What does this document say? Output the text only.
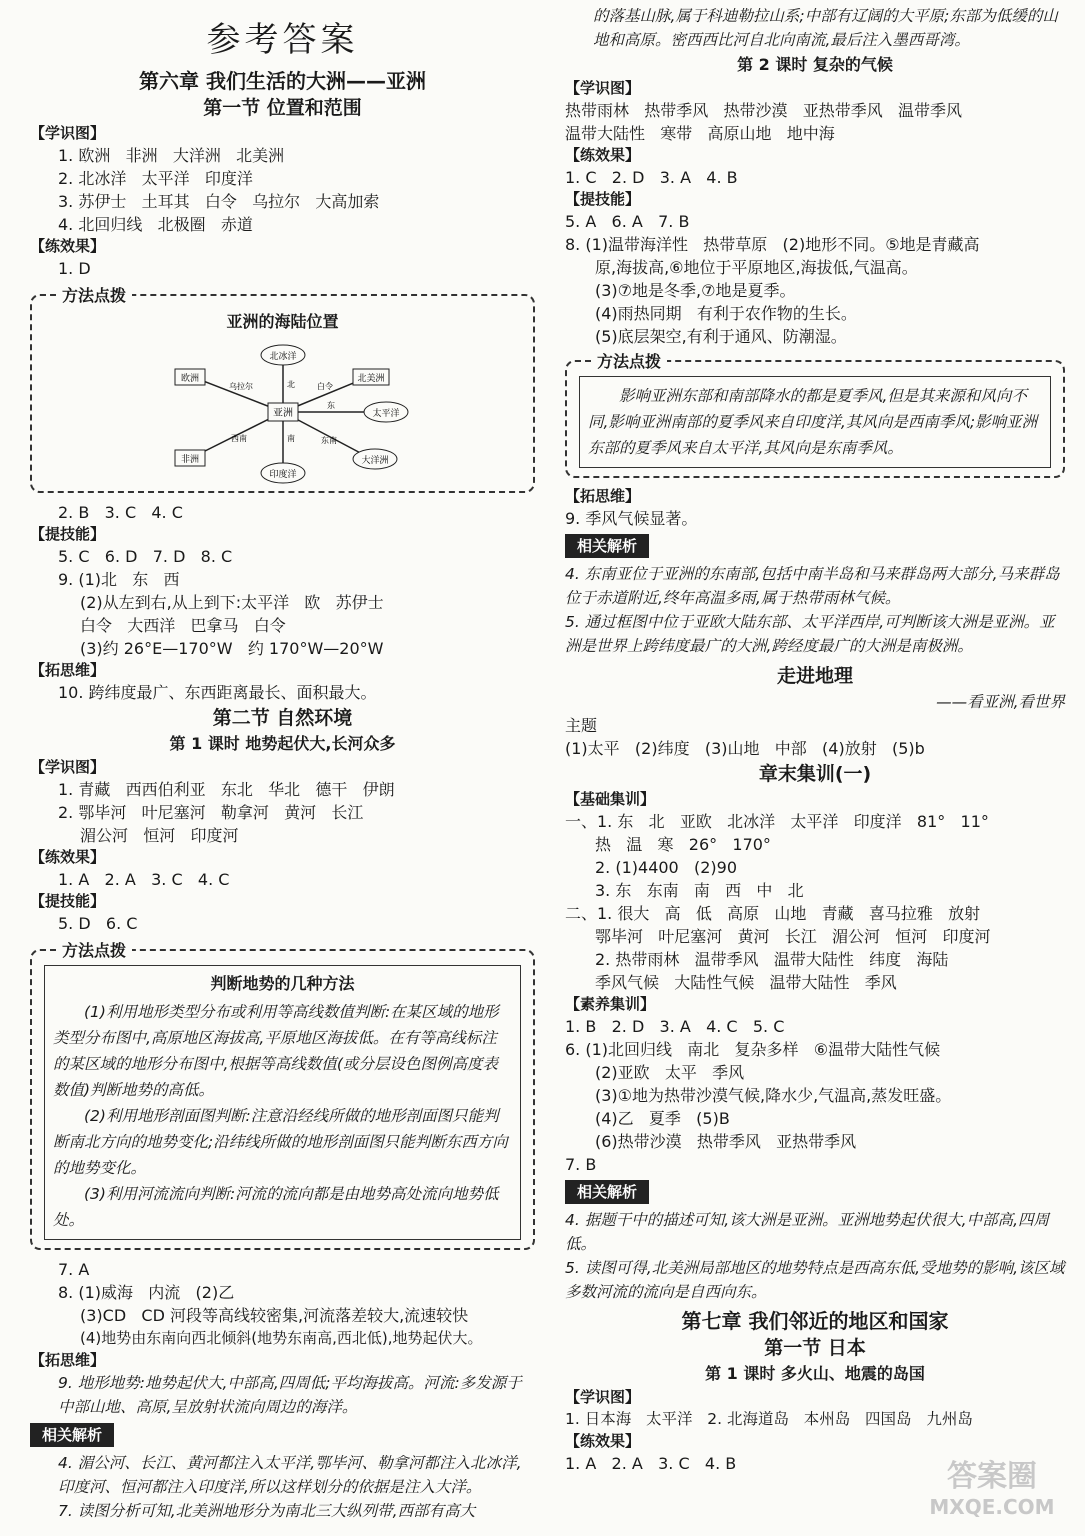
参考答案
第六章 我们生活的大洲——亚洲
第一节 位置和范围
【学识图】
1. 欧洲   非洲   大洋洲   北美洲
2. 北冰洋   太平洋   印度洋
3. 苏伊士   土耳其   白令   乌拉尔   大高加索
4. 北回归线   北极圈   赤道
【练效果】
1. D
方法点拨
亚洲的海陆位置
亚洲
北冰洋
欧洲	北美洲
太平洋
大洋洲
印度洋
非洲
乌拉尔	北	白令
东
东南
南
西南
2. B   3. C   4. C
【提技能】
5. C   6. D   7. D   8. C
9. (1)北   东   西
(2)从左到右,从上到下:太平洋   欧   苏伊士
白令   大西洋   巴拿马   白令
(3)约 26°E—170°W   约 170°W—20°W
【拓思维】
10. 跨纬度最广、东西距离最长、面积最大。
第二节 自然环境
第 1 课时 地势起伏大,长河众多
【学识图】
1. 青藏   西西伯利亚   东北   华北   德干   伊朗
2. 鄂毕河   叶尼塞河   勒拿河   黄河   长江
湄公河   恒河   印度河
【练效果】
1. A   2. A   3. C   4. C
【提技能】
5. D   6. C
方法点拨
判断地势的几种方法
(1)利用地形类型分布或利用等高线数值判断:在某区域的地形类型分布图中,高原地区海拔高,平原地区海拔低。在有等高线标注的某区域的地形分布图中,根据等高线数值(或分层设色图例高度表数值)判断地势的高低。
(2)利用地形剖面图判断:注意沿经线所做的地形剖面图只能判断南北方向的地势变化;沿纬线所做的地形剖面图只能判断东西方向的地势变化。
(3)利用河流流向判断:河流的流向都是由地势高处流向地势低处。
7. A
8. (1)威海   内流   (2)乙
(3)CD   CD 河段等高线较密集,河流落差较大,流速较快
(4)地势由东南向西北倾斜(地势东南高,西北低),地势起伏大。
【拓思维】
9. 地形地势:地势起伏大,中部高,四周低;平均海拔高。河流:多发源于中部山地、高原,呈放射状流向周边的海洋。
相关解析
4. 湄公河、长江、黄河都注入太平洋,鄂毕河、勒拿河都注入北冰洋,印度河、恒河都注入印度洋,所以这样划分的依据是注入大洋。
7. 读图分析可知,北美洲地形分为南北三大纵列带,西部有高大
的落基山脉,属于科迪勒拉山系;中部有辽阔的大平原;东部为低缓的山地和高原。密西西比河自北向南流,最后注入墨西哥湾。
第 2 课时 复杂的气候
【学识图】
热带雨林   热带季风   热带沙漠   亚热带季风   温带季风
温带大陆性   寒带   高原山地   地中海
【练效果】
1. C   2. D   3. A   4. B
【提技能】
5. A   6. A   7. B
8. (1)温带海洋性   热带草原   (2)地形不同。⑤地是青藏高
原,海拔高,⑥地位于平原地区,海拔低,气温高。
(3)⑦地是冬季,⑦地是夏季。
(4)雨热同期   有利于农作物的生长。
(5)底层架空,有利于通风、防潮湿。
方法点拨
影响亚洲东部和南部降水的都是夏季风,但是其来源和风向不同,影响亚洲南部的夏季风来自印度洋,其风向是西南季风;影响亚洲东部的夏季风来自太平洋,其风向是东南季风。
【拓思维】
9. 季风气候显著。
相关解析
4. 东南亚位于亚洲的东南部,包括中南半岛和马来群岛两大部分,马来群岛位于赤道附近,终年高温多雨,属于热带雨林气候。
5. 通过框图中位于亚欧大陆东部、太平洋西岸,可判断该大洲是亚洲。亚洲是世界上跨纬度最广的大洲,跨经度最广的大洲是南极洲。
走进地理
——看亚洲,看世界
主题
(1)太平   (2)纬度   (3)山地   中部   (4)放射   (5)b
章末集训(一)
【基础集训】
一、1. 东   北   亚欧   北冰洋   太平洋   印度洋   81°   11°
热   温   寒   26°   170°
2. (1)4400   (2)90
3. 东   东南   南   西   中   北
二、1. 很大   高   低   高原   山地   青藏   喜马拉雅   放射
鄂毕河   叶尼塞河   黄河   长江   湄公河   恒河   印度河
2. 热带雨林   温带季风   温带大陆性   纬度   海陆
季风气候   大陆性气候   温带大陆性   季风
【素养集训】
1. B   2. D   3. A   4. C   5. C
6. (1)北回归线   南北   复杂多样   ⑥温带大陆性气候
(2)亚欧   太平   季风
(3)①地为热带沙漠气候,降水少,气温高,蒸发旺盛。
(4)乙   夏季   (5)B
(6)热带沙漠   热带季风   亚热带季风
7. B
相关解析
4. 据题干中的描述可知,该大洲是亚洲。亚洲地势起伏很大,中部高,四周低。
5. 读图可得,北美洲局部地区的地势特点是西高东低,受地势的影响,该区域多数河流的流向是自西向东。
第七章 我们邻近的地区和国家
第一节 日本
第 1 课时 多火山、地震的岛国
【学识图】
1. 日本海   太平洋   2. 北海道岛   本州岛   四国岛   九州岛
【练效果】
1. A   2. A   3. C   4. B	答案圈
MXQE.COM
